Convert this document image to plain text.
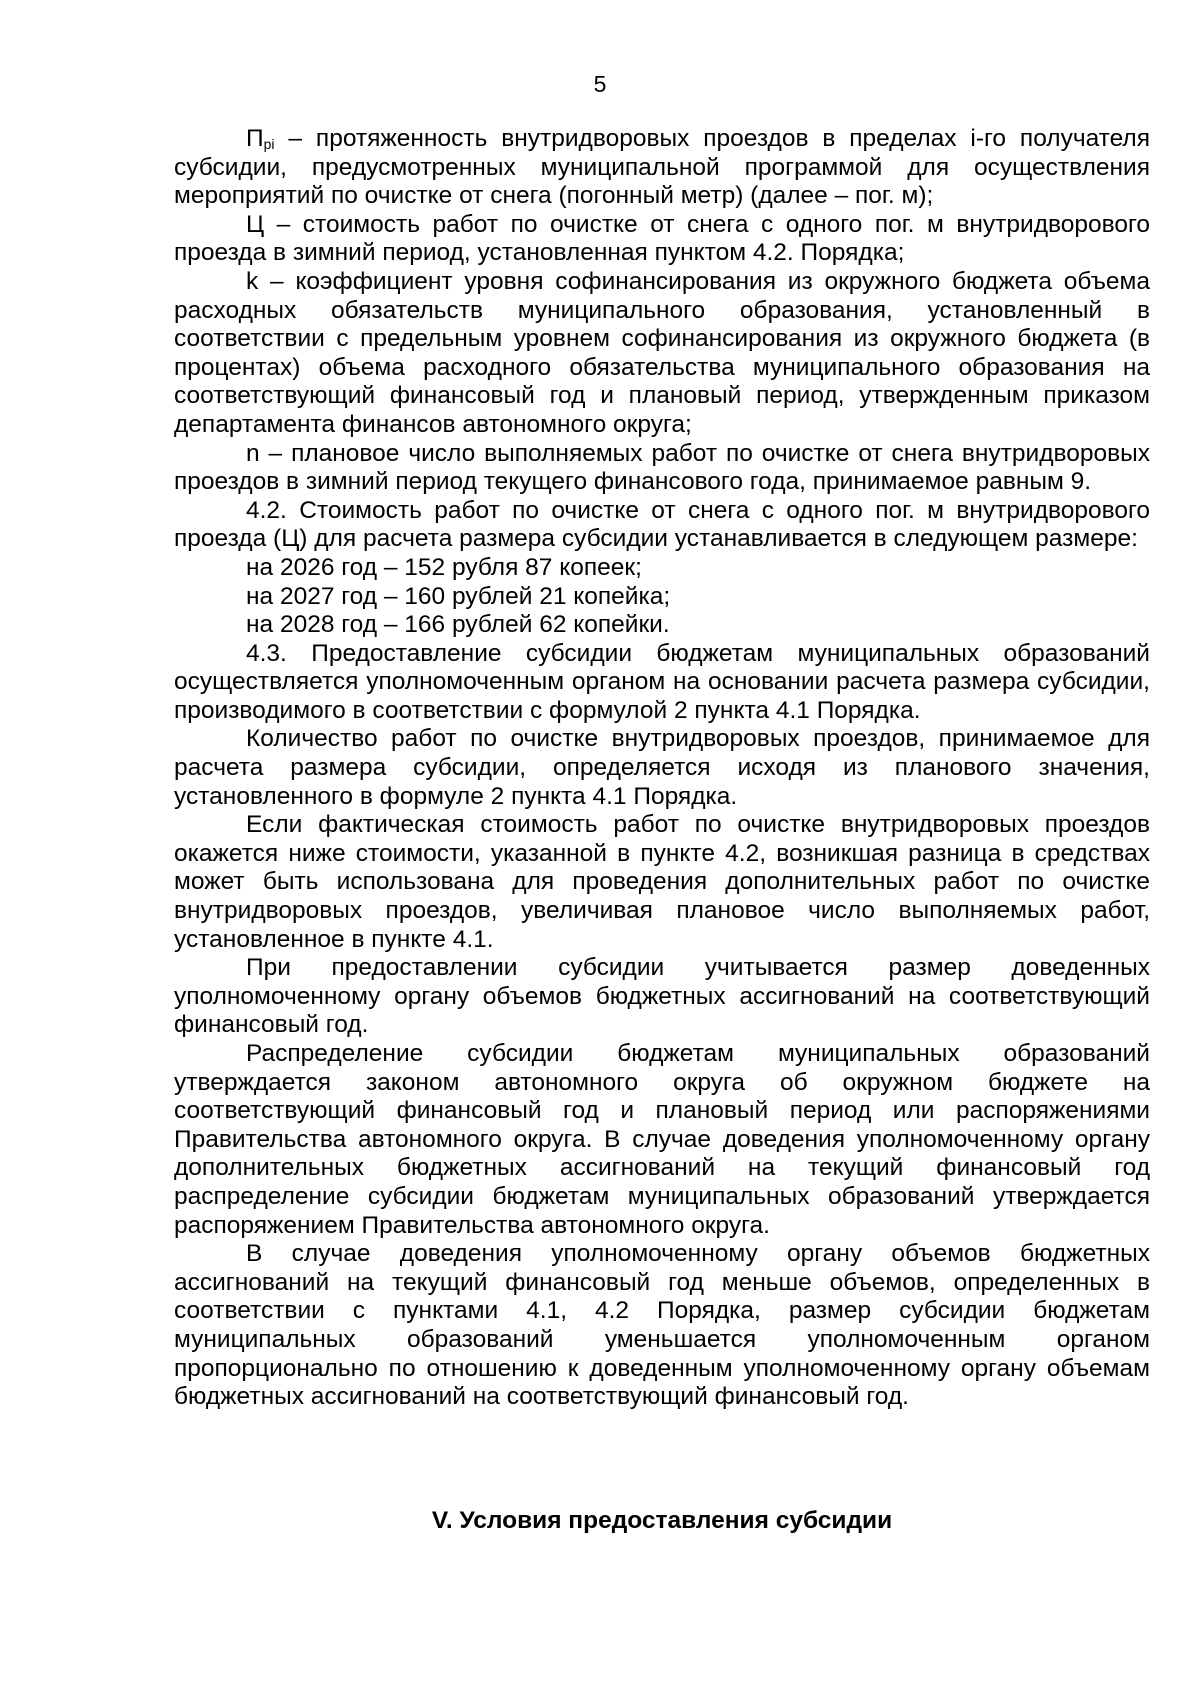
5

$П_{pi}$ – протяженность внутридворовых проездов в пределах i-го получателя субсидии, предусмотренных муниципальной программой для осуществления мероприятий по очистке от снега (погонный метр) (далее – пог. м);

Ц – стоимость работ по очистке от снега с одного пог. м внутридворового проезда в зимний период, установленная пунктом 4.2. Порядка;

k – коэффициент уровня софинансирования из окружного бюджета объема расходных обязательств муниципального образования, установленный в соответствии с предельным уровнем софинансирования из окружного бюджета (в процентах) объема расходного обязательства муниципального образования на соответствующий финансовый год и плановый период, утвержденным приказом департамента финансов автономного округа;

n – плановое число выполняемых работ по очистке от снега внутридворовых проездов в зимний период текущего финансового года, принимаемое равным 9.

4.2. Стоимость работ по очистке от снега с одного пог. м внутридворового проезда (Ц) для расчета размера субсидии устанавливается в следующем размере:

на 2026 год – 152 рубля 87 копеек;

на 2027 год – 160 рублей 21 копейка;

на 2028 год – 166 рублей 62 копейки.

4.3. Предоставление субсидии бюджетам муниципальных образований осуществляется уполномоченным органом на основании расчета размера субсидии, производимого в соответствии с формулой 2 пункта 4.1 Порядка.

Количество работ по очистке внутридворовых проездов, принимаемое для расчета размера субсидии, определяется исходя из планового значения, установленного в формуле 2 пункта 4.1 Порядка.

Если фактическая стоимость работ по очистке внутридворовых проездов окажется ниже стоимости, указанной в пункте 4.2, возникшая разница в средствах может быть использована для проведения дополнительных работ по очистке внутридворовых проездов, увеличивая плановое число выполняемых работ, установленное в пункте 4.1.

При предоставлении субсидии учитывается размер доведенных уполномоченному органу объемов бюджетных ассигнований на соответствующий финансовый год.

Распределение субсидии бюджетам муниципальных образований утверждается законом автономного округа об окружном бюджете на соответствующий финансовый год и плановый период или распоряжениями Правительства автономного округа. В случае доведения уполномоченному органу дополнительных бюджетных ассигнований на текущий финансовый год распределение субсидии бюджетам муниципальных образований утверждается распоряжением Правительства автономного округа.

В случае доведения уполномоченному органу объемов бюджетных ассигнований на текущий финансовый год меньше объемов, определенных в соответствии с пунктами 4.1, 4.2 Порядка, размер субсидии бюджетам муниципальных образований уменьшается уполномоченным органом пропорционально по отношению к доведенным уполномоченному органу объемам бюджетных ассигнований на соответствующий финансовый год.

V. Условия предоставления субсидии
